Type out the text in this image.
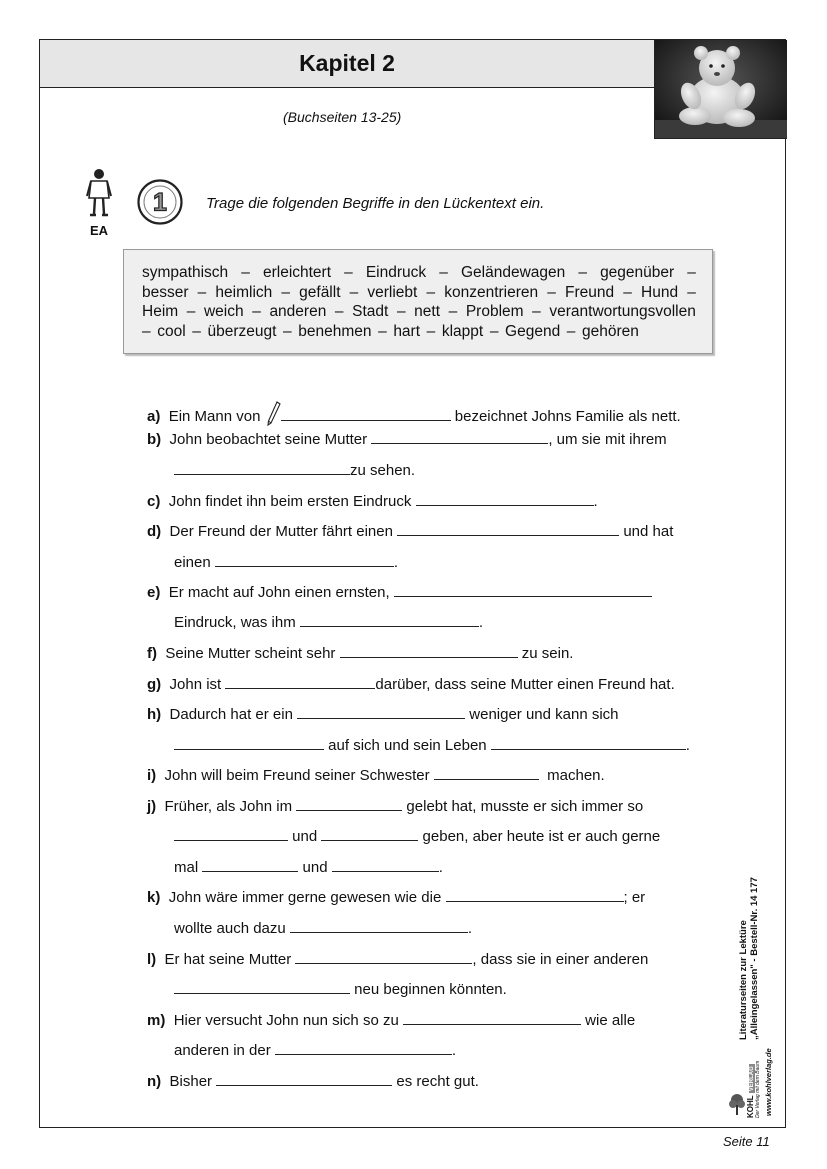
Kapitel 2
(Buchseiten 13-25)
EA
1	Trage die folgenden Begriffe in den Lückentext ein.
sympathisch – erleichtert – Eindruck – Geländewagen – gegenüber –
besser – heimlich – gefällt – verliebt – konzentrieren – Freund – Hund –
Heim – weich – anderen – Stadt – nett – Problem – verantwortungsvollen
– cool – überzeugt – benehmen – hart – klappt – Gegend – gehören
a) Ein Mann von	bezeichnet Johns Familie als nett.
b) John beobachtet seine Mutter	, um sie mit ihrem
zu sehen.
c) John findet ihn beim ersten Eindruck	.
d) Der Freund der Mutter fährt einen	und hat
einen	.
e) Er macht auf John einen ernsten,
Eindruck, was ihm	.
f) Seine Mutter scheint sehr	zu sein.
g) John ist	darüber, dass seine Mutter einen Freund hat.
h) Dadurch hat er ein	weniger und kann sich
auf sich und sein Leben	.
i) John will beim Freund seiner Schwester	machen.
j) Früher, als John im	gelebt hat, musste er sich immer so
und	geben, aber heute ist er auch gerne
mal	und	.
k) John wäre immer gerne gewesen wie die	; er
wollte auch dazu	.
l) Er hat seine Mutter	, dass sie in einer anderen
neu beginnen könnten.
m) Hier versucht John nun sich so zu	wie alle
anderen in der	.
n) Bisher	es recht gut.
Literaturseiten zur Lektüre „Alleingelassen" - Bestell-Nr. 14 177
KOHL VERLAG Der Verlag mit dem Baum www.kohlverlag.de
Seite 11
